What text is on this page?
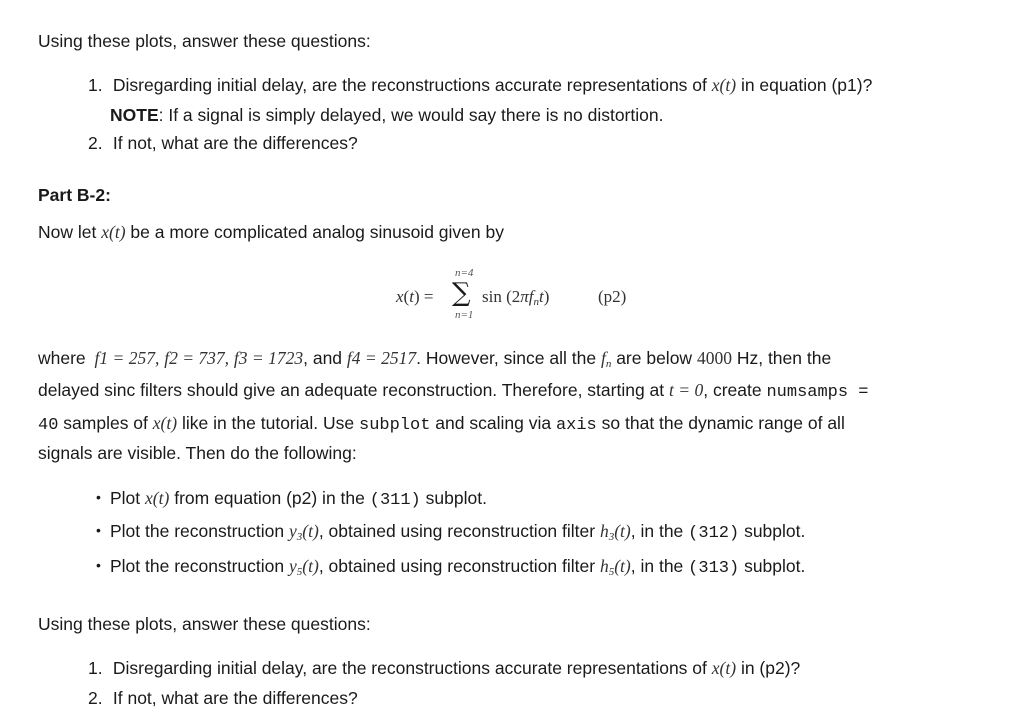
Using these plots, answer these questions:
1. Disregarding initial delay, are the reconstructions accurate representations of x(t) in equation (p1)?
NOTE: If a signal is simply delayed, we would say there is no distortion.
2. If not, what are the differences?
Part B-2:
Now let x(t) be a more complicated analog sinusoid given by
x(t) =
n=4
∑
n=1
$\sin (2\pi f_nt)$	(p2)
where f1 = 257, f2 = 737, f3 = 1723, and f4 = 2517. However, since all the $f_n$ are below 4000 Hz, then the
delayed sinc filters should give an adequate reconstruction. Therefore, starting at t = 0, create numsamps =
40 samples of x(t) like in the tutorial. Use subplot and scaling via axis so that the dynamic range of all
signals are visible. Then do the following:
• Plot x(t) from equation (p2) in the (311) subplot.
• Plot the reconstruction $y_3(t)$, obtained using reconstruction filter $h_3(t)$, in the (312) subplot.
• Plot the reconstruction $y_5(t)$, obtained using reconstruction filter $h_5(t)$, in the (313) subplot.
Using these plots, answer these questions:
1. Disregarding initial delay, are the reconstructions accurate representations of x(t) in (p2)?
2. If not, what are the differences?
